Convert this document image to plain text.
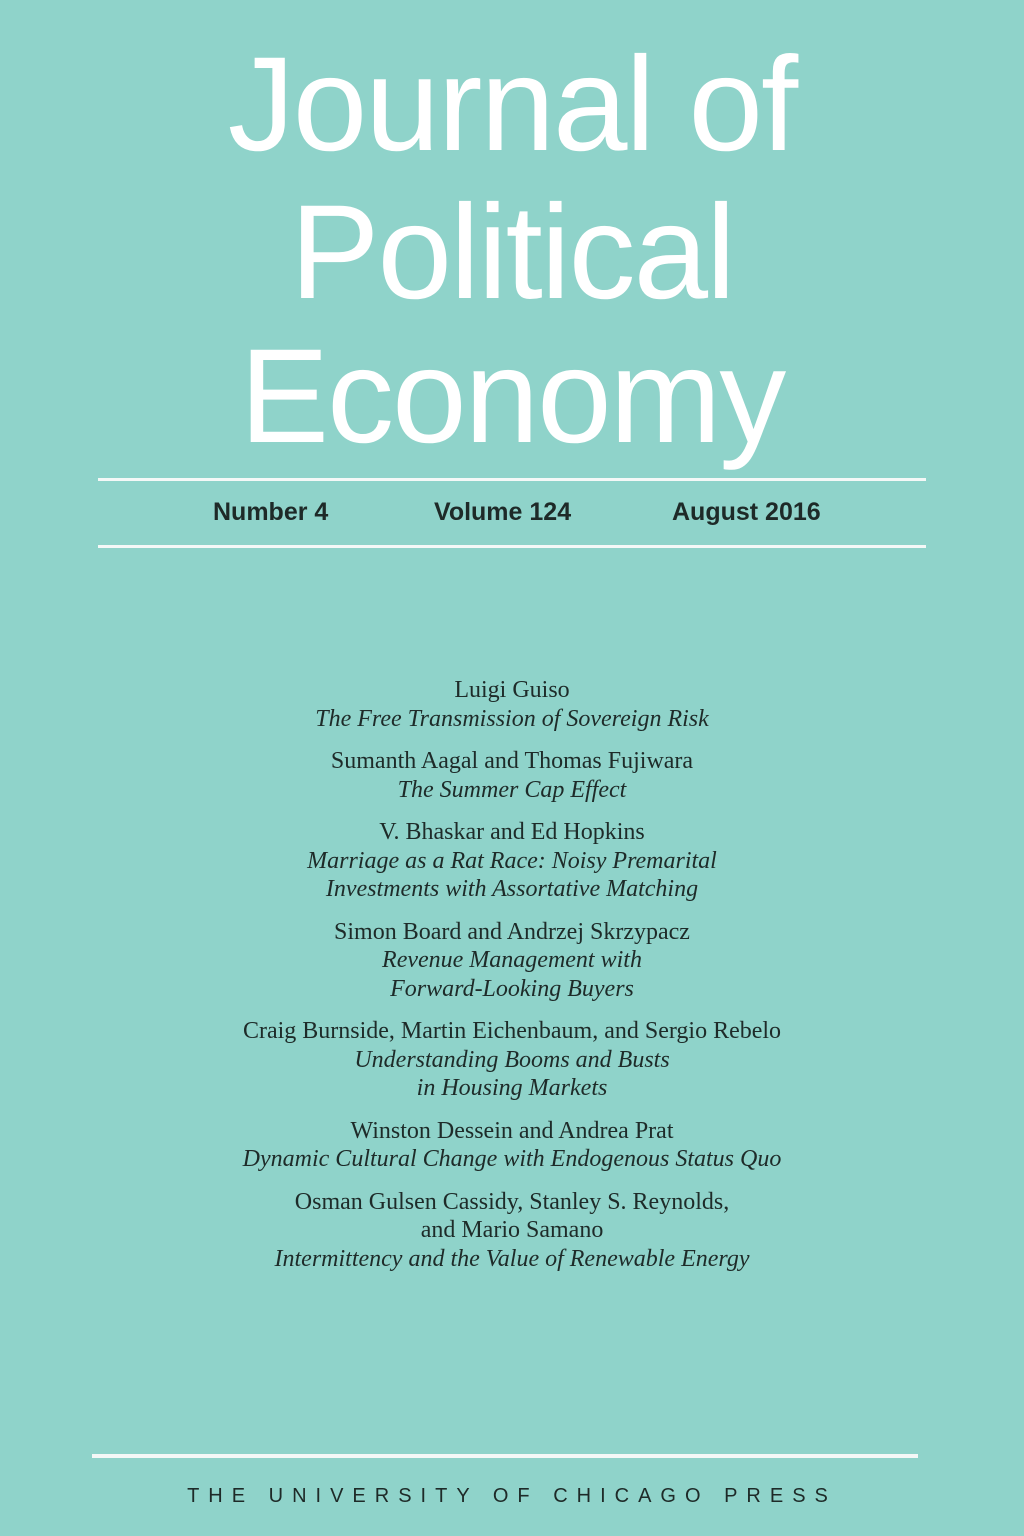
Journal of
Political
Economy
Number 4	Volume 124	August 2016
Luigi Guiso
The Free Transmission of Sovereign Risk
Sumanth Aagal and Thomas Fujiwara
The Summer Cap Effect
V. Bhaskar and Ed Hopkins
Marriage as a Rat Race: Noisy Premarital
Investments with Assortative Matching
Simon Board and Andrzej Skrzypacz
Revenue Management with
Forward-Looking Buyers
Craig Burnside, Martin Eichenbaum, and Sergio Rebelo
Understanding Booms and Busts
in Housing Markets
Winston Dessein and Andrea Prat
Dynamic Cultural Change with Endogenous Status Quo
Osman Gulsen Cassidy, Stanley S. Reynolds,
and Mario Samano
Intermittency and the Value of Renewable Energy
THE UNIVERSITY OF CHICAGO PRESS
